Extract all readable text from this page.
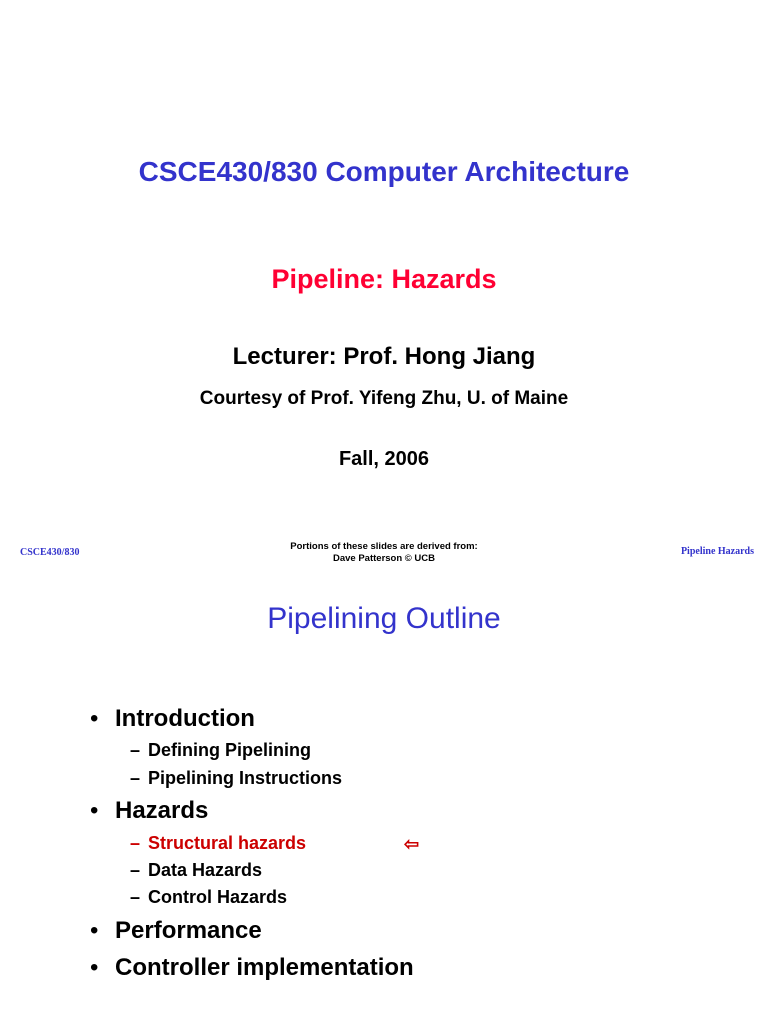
CSCE430/830 Computer Architecture
Pipeline: Hazards
Lecturer: Prof. Hong Jiang
Courtesy of Prof. Yifeng Zhu, U. of Maine
Fall, 2006
CSCE430/830
Portions of these slides are derived from:
Dave Patterson © UCB
Pipeline Hazards
Pipelining Outline
• Introduction
– Defining Pipelining
– Pipelining Instructions
• Hazards
– Structural hazards	⇦
– Data Hazards
– Control Hazards
• Performance
• Controller implementation
